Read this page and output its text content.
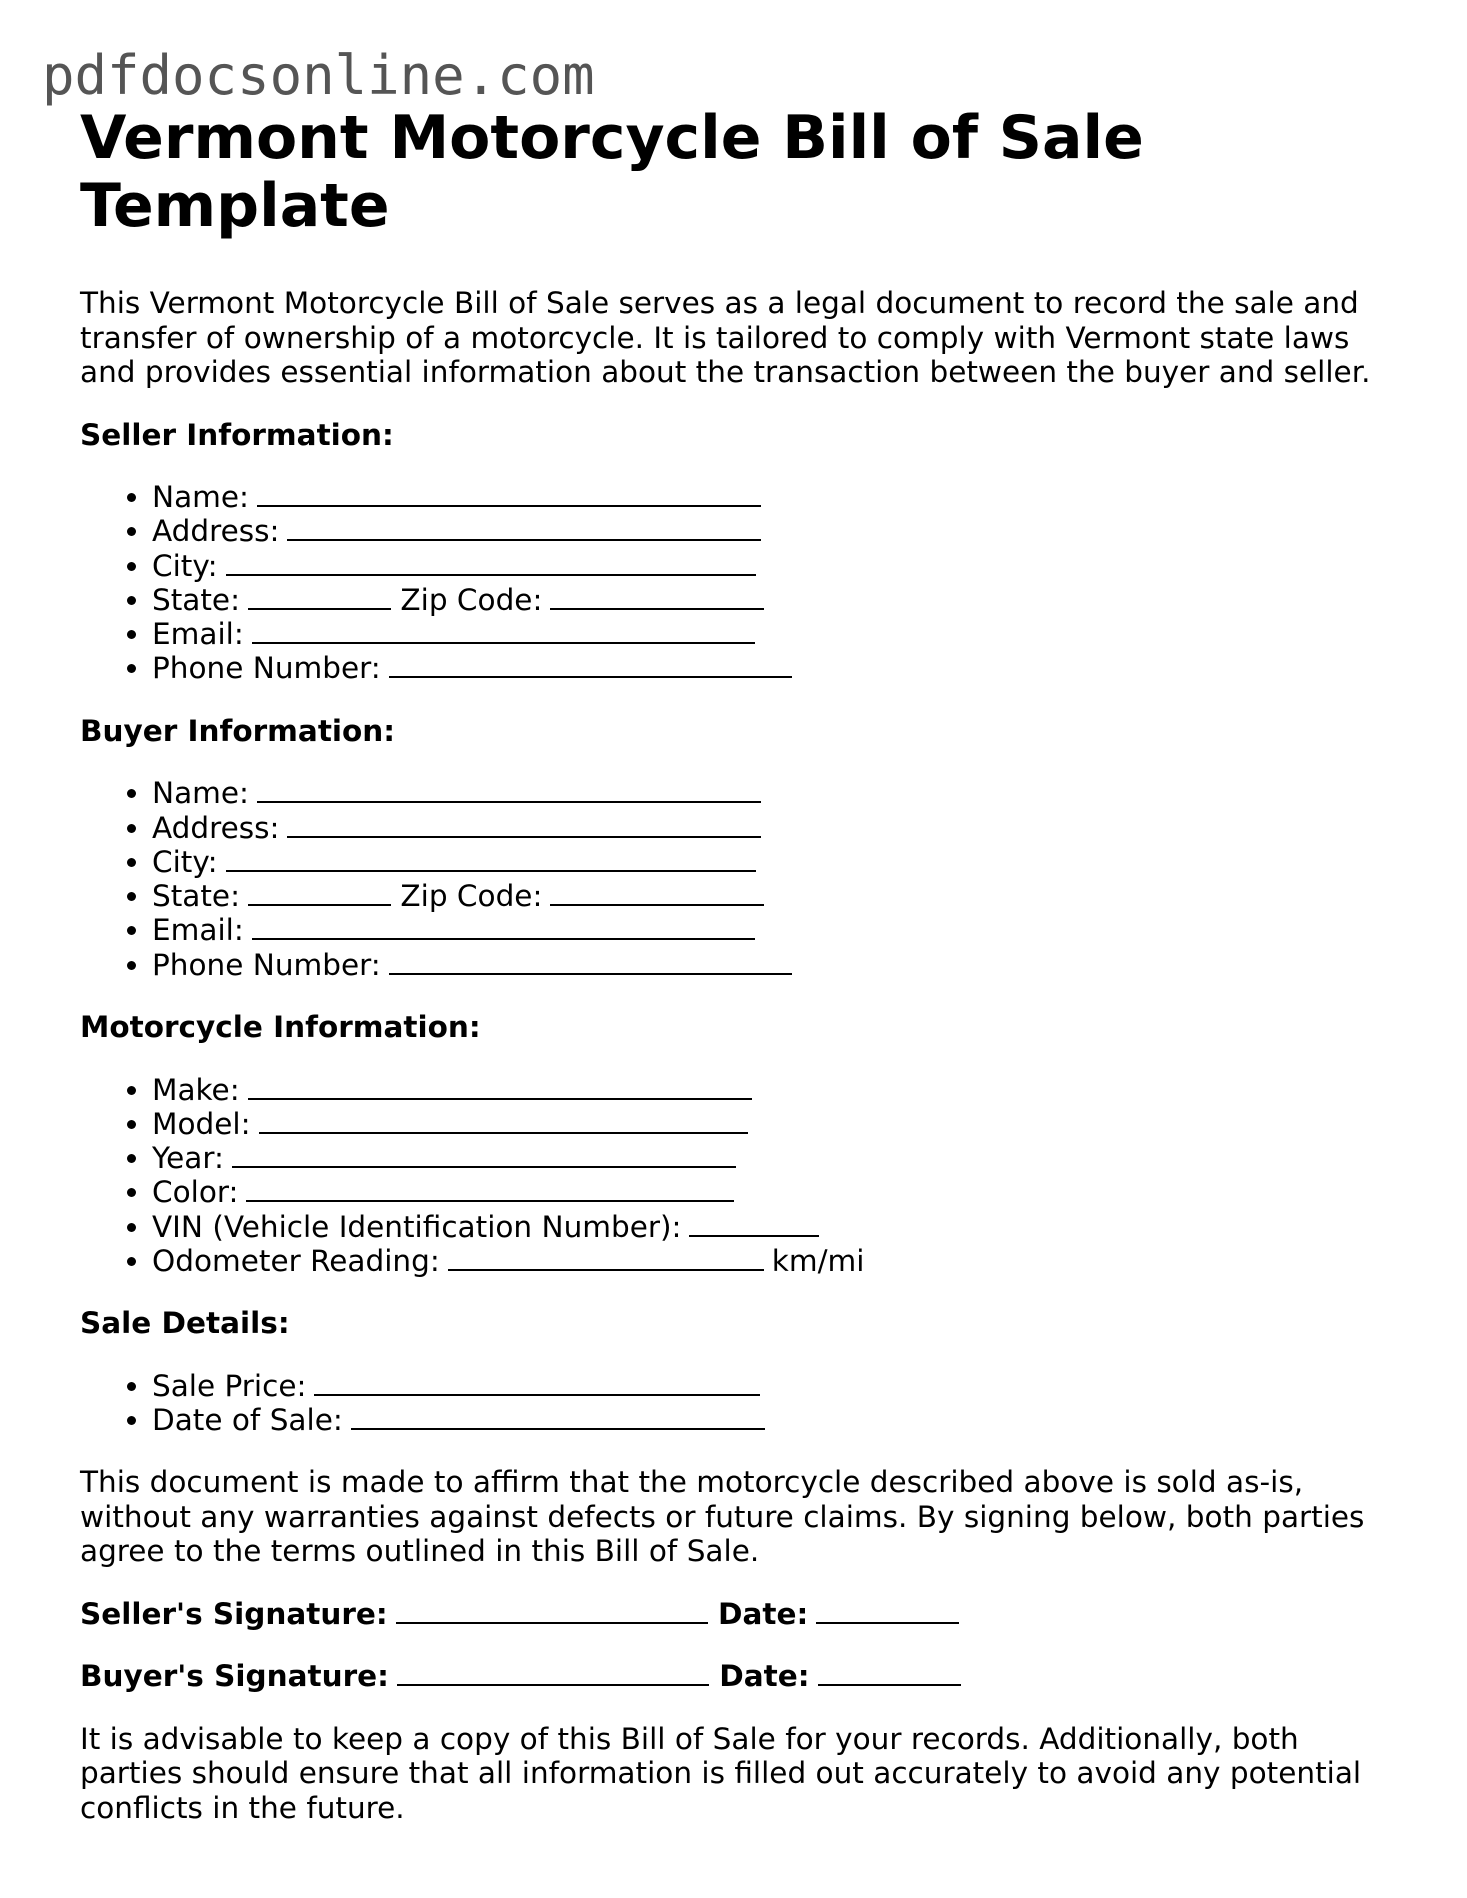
pdfdocsonline.com
Vermont Motorcycle Bill of Sale Template

This Vermont Motorcycle Bill of Sale serves as a legal document to record the sale and transfer of ownership of a motorcycle. It is tailored to comply with Vermont state laws and provides essential information about the transaction between the buyer and seller.

Seller Information:
• Name:
• Address:
• City:
• State:	Zip Code:
• Email:
• Phone Number:
Buyer Information:
• Name:
• Address:
• City:
• State:	Zip Code:
• Email:
• Phone Number:
Motorcycle Information:
• Make:
• Model:
• Year:
• Color:
• VIN (Vehicle Identification Number):
• Odometer Reading:	km/mi
Sale Details:
• Sale Price:
• Date of Sale:

This document is made to affirm that the motorcycle described above is sold as-is, without any warranties against defects or future claims. By signing below, both parties agree to the terms outlined in this Bill of Sale.

Seller's Signature:	Date:
Buyer's Signature:	Date:

It is advisable to keep a copy of this Bill of Sale for your records. Additionally, both parties should ensure that all information is filled out accurately to avoid any potential conflicts in the future.
